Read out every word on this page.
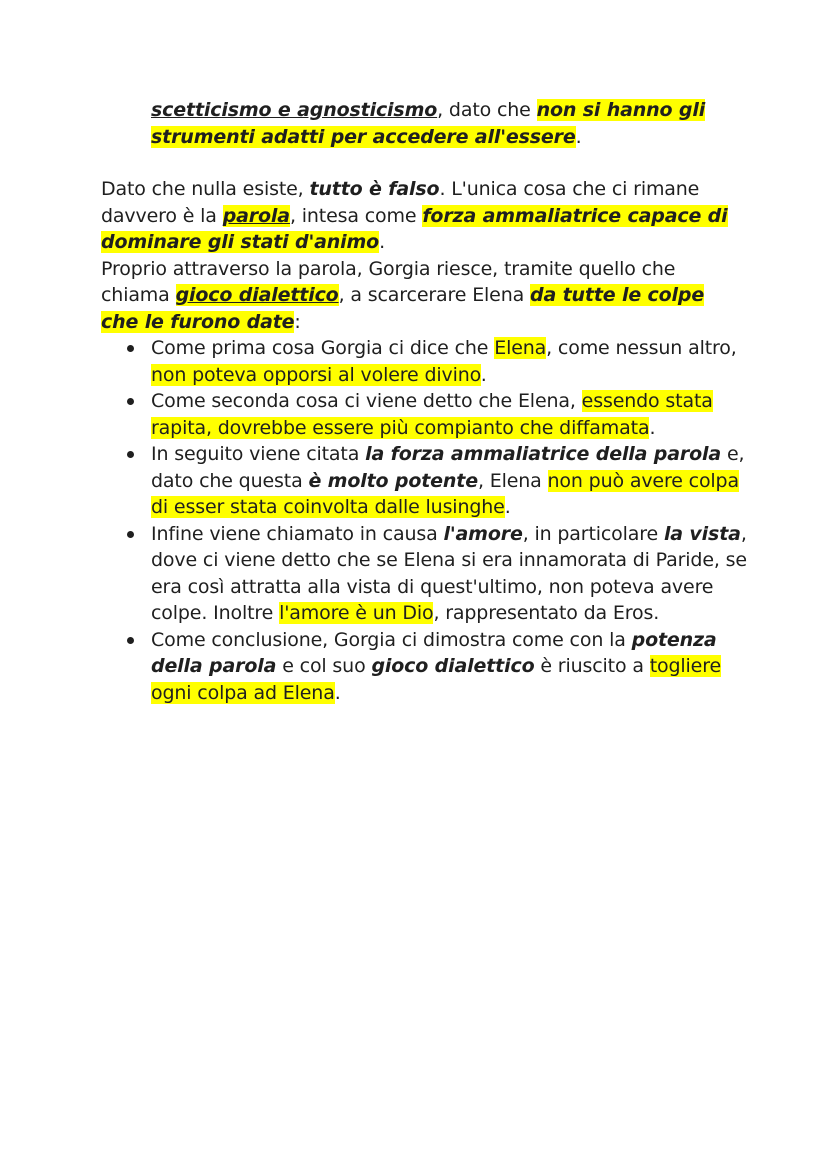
scetticismo e agnosticismo, dato che non si hanno gli strumenti adatti per accedere all'essere.

Dato che nulla esiste, tutto è falso. L'unica cosa che ci rimane davvero è la parola, intesa come forza ammaliatrice capace di dominare gli stati d'animo.

Proprio attraverso la parola, Gorgia riesce, tramite quello che chiama gioco dialettico, a scarcerare Elena da tutte le colpe che le furono date:

Come prima cosa Gorgia ci dice che Elena, come nessun altro, non poteva opporsi al volere divino.
Come seconda cosa ci viene detto che Elena, essendo stata rapita, dovrebbe essere più compianto che diffamata.
In seguito viene citata la forza ammaliatrice della parola e, dato che questa è molto potente, Elena non può avere colpa di esser stata coinvolta dalle lusinghe.
Infine viene chiamato in causa l'amore, in particolare la vista, dove ci viene detto che se Elena si era innamorata di Paride, se era così attratta alla vista di quest'ultimo, non poteva avere colpe. Inoltre l'amore è un Dio, rappresentato da Eros.
Come conclusione, Gorgia ci dimostra come con la potenza della parola e col suo gioco dialettico è riuscito a togliere ogni colpa ad Elena.
